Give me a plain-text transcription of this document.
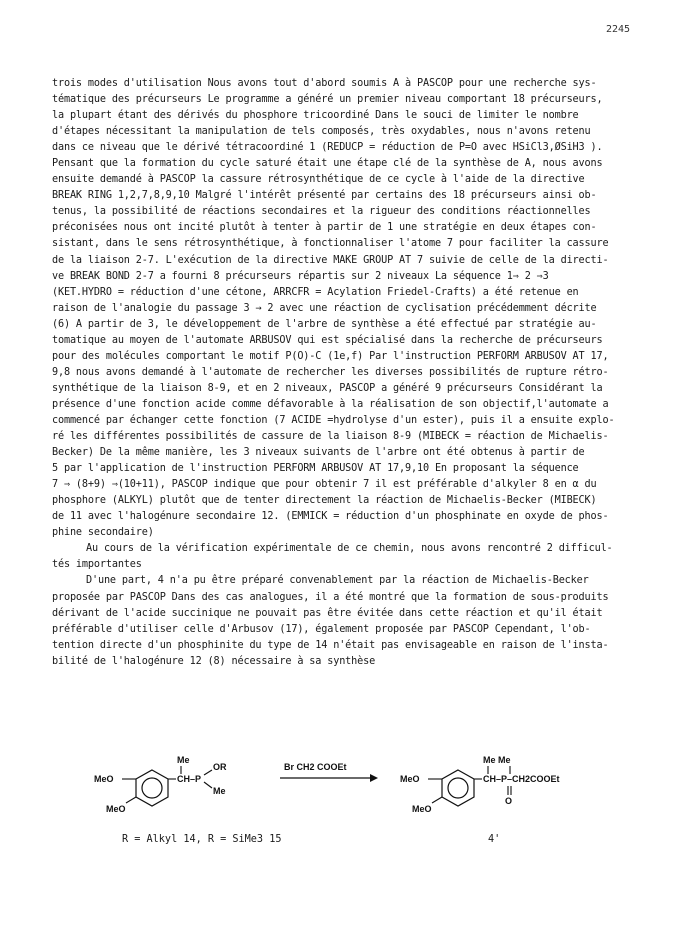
2245
trois modes d'utilisation Nous avons tout d'abord soumis A à PASCOP pour une recherche sys-
tématique des précurseurs Le programme a généré un premier niveau comportant 18 précurseurs,
la plupart étant des dérivés du phosphore tricoordiné Dans le souci de limiter le nombre
d'étapes nécessitant la manipulation de tels composés, très oxydables, nous n'avons retenu
dans ce niveau que le dérivé tétracoordiné 1 (REDUCP = réduction de P=O avec HSiCl3,ØSiH3 ).
Pensant que la formation du cycle saturé était une étape clé de la synthèse de A, nous avons
ensuite demandé à PASCOP la cassure rétrosynthétique de ce cycle à l'aide de la directive
BREAK RING 1,2,7,8,9,10 Malgré l'intérêt présenté par certains des 18 précurseurs ainsi ob-
tenus, la possibilité de réactions secondaires et la rigueur des conditions réactionnelles
préconisées nous ont incité plutôt à tenter à partir de 1 une stratégie en deux étapes con-
sistant, dans le sens rétrosynthétique, à fonctionnaliser l'atome 7 pour faciliter la cassure
de la liaison 2-7. L'exécution de la directive MAKE GROUP AT 7 suivie de celle de la directi-
ve BREAK BOND 2-7 a fourni 8 précurseurs répartis sur 2 niveaux La séquence 1⇒ 2 ⇒3
(KET.HYDRO = réduction d'une cétone, ARRCFR = Acylation Friedel-Crafts) a été retenue en
raison de l'analogie du passage 3 → 2 avec une réaction de cyclisation précédemment décrite
(6) A partir de 3, le développement de l'arbre de synthèse a été effectué par stratégie au-
tomatique au moyen de l'automate ARBUSOV qui est spécialisé dans la recherche de précurseurs
pour des molécules comportant le motif P(O)-C (1e,f) Par l'instruction PERFORM ARBUSOV AT 17,
9,8 nous avons demandé à l'automate de rechercher les diverses possibilités de rupture rétro-
synthétique de la liaison 8-9, et en 2 niveaux, PASCOP a généré 9 précurseurs Considérant la
présence d'une fonction acide comme défavorable à la réalisation de son objectif,l'automate a
commencé par échanger cette fonction (7 ACIDE =hydrolyse d'un ester), puis il a ensuite explo-
ré les différentes possibilités de cassure de la liaison 8-9 (MIBECK = réaction de Michaelis-
Becker) De la même manière, les 3 niveaux suivants de l'arbre ont été obtenus à partir de
5 par l'application de l'instruction PERFORM ARBUSOV AT 17,9,10 En proposant la séquence
7 ⇒ (8+9) ⇒(10+11), PASCOP indique que pour obtenir 7 il est préférable d'alkyler 8 en α du
phosphore (ALKYL) plutôt que de tenter directement la réaction de Michaelis-Becker (MIBECK)
de 11 avec l'halogénure secondaire 12. (EMMICK = réduction d'un phosphinate en oxyde de phos-
phine secondaire)
Au cours de la vérification expérimentale de ce chemin, nous avons rencontré 2 difficul-
tés importantes
D'une part, 4 n'a pu être préparé convenablement par la réaction de Michaelis-Becker
proposée par PASCOP Dans des cas analogues, il a été montré que la formation de sous-produits
dérivant de l'acide succinique ne pouvait pas être évitée dans cette réaction et qu'il était
préférable d'utiliser celle d'Arbusov (17), également proposée par PASCOP Cependant, l'ob-
tention directe d'un phosphinite du type de 14 n'était pas envisageable en raison de l'insta-
bilité de l'halogénure 12 (8) nécessaire à sa synthèse
MeO
MeO
CH–P
Me
OR
Me
Br CH2 COOEt
MeO
MeO
Me Me
CH–P–CH2COOEt
O
R = Alkyl 14, R = SiMe3 15	4'
